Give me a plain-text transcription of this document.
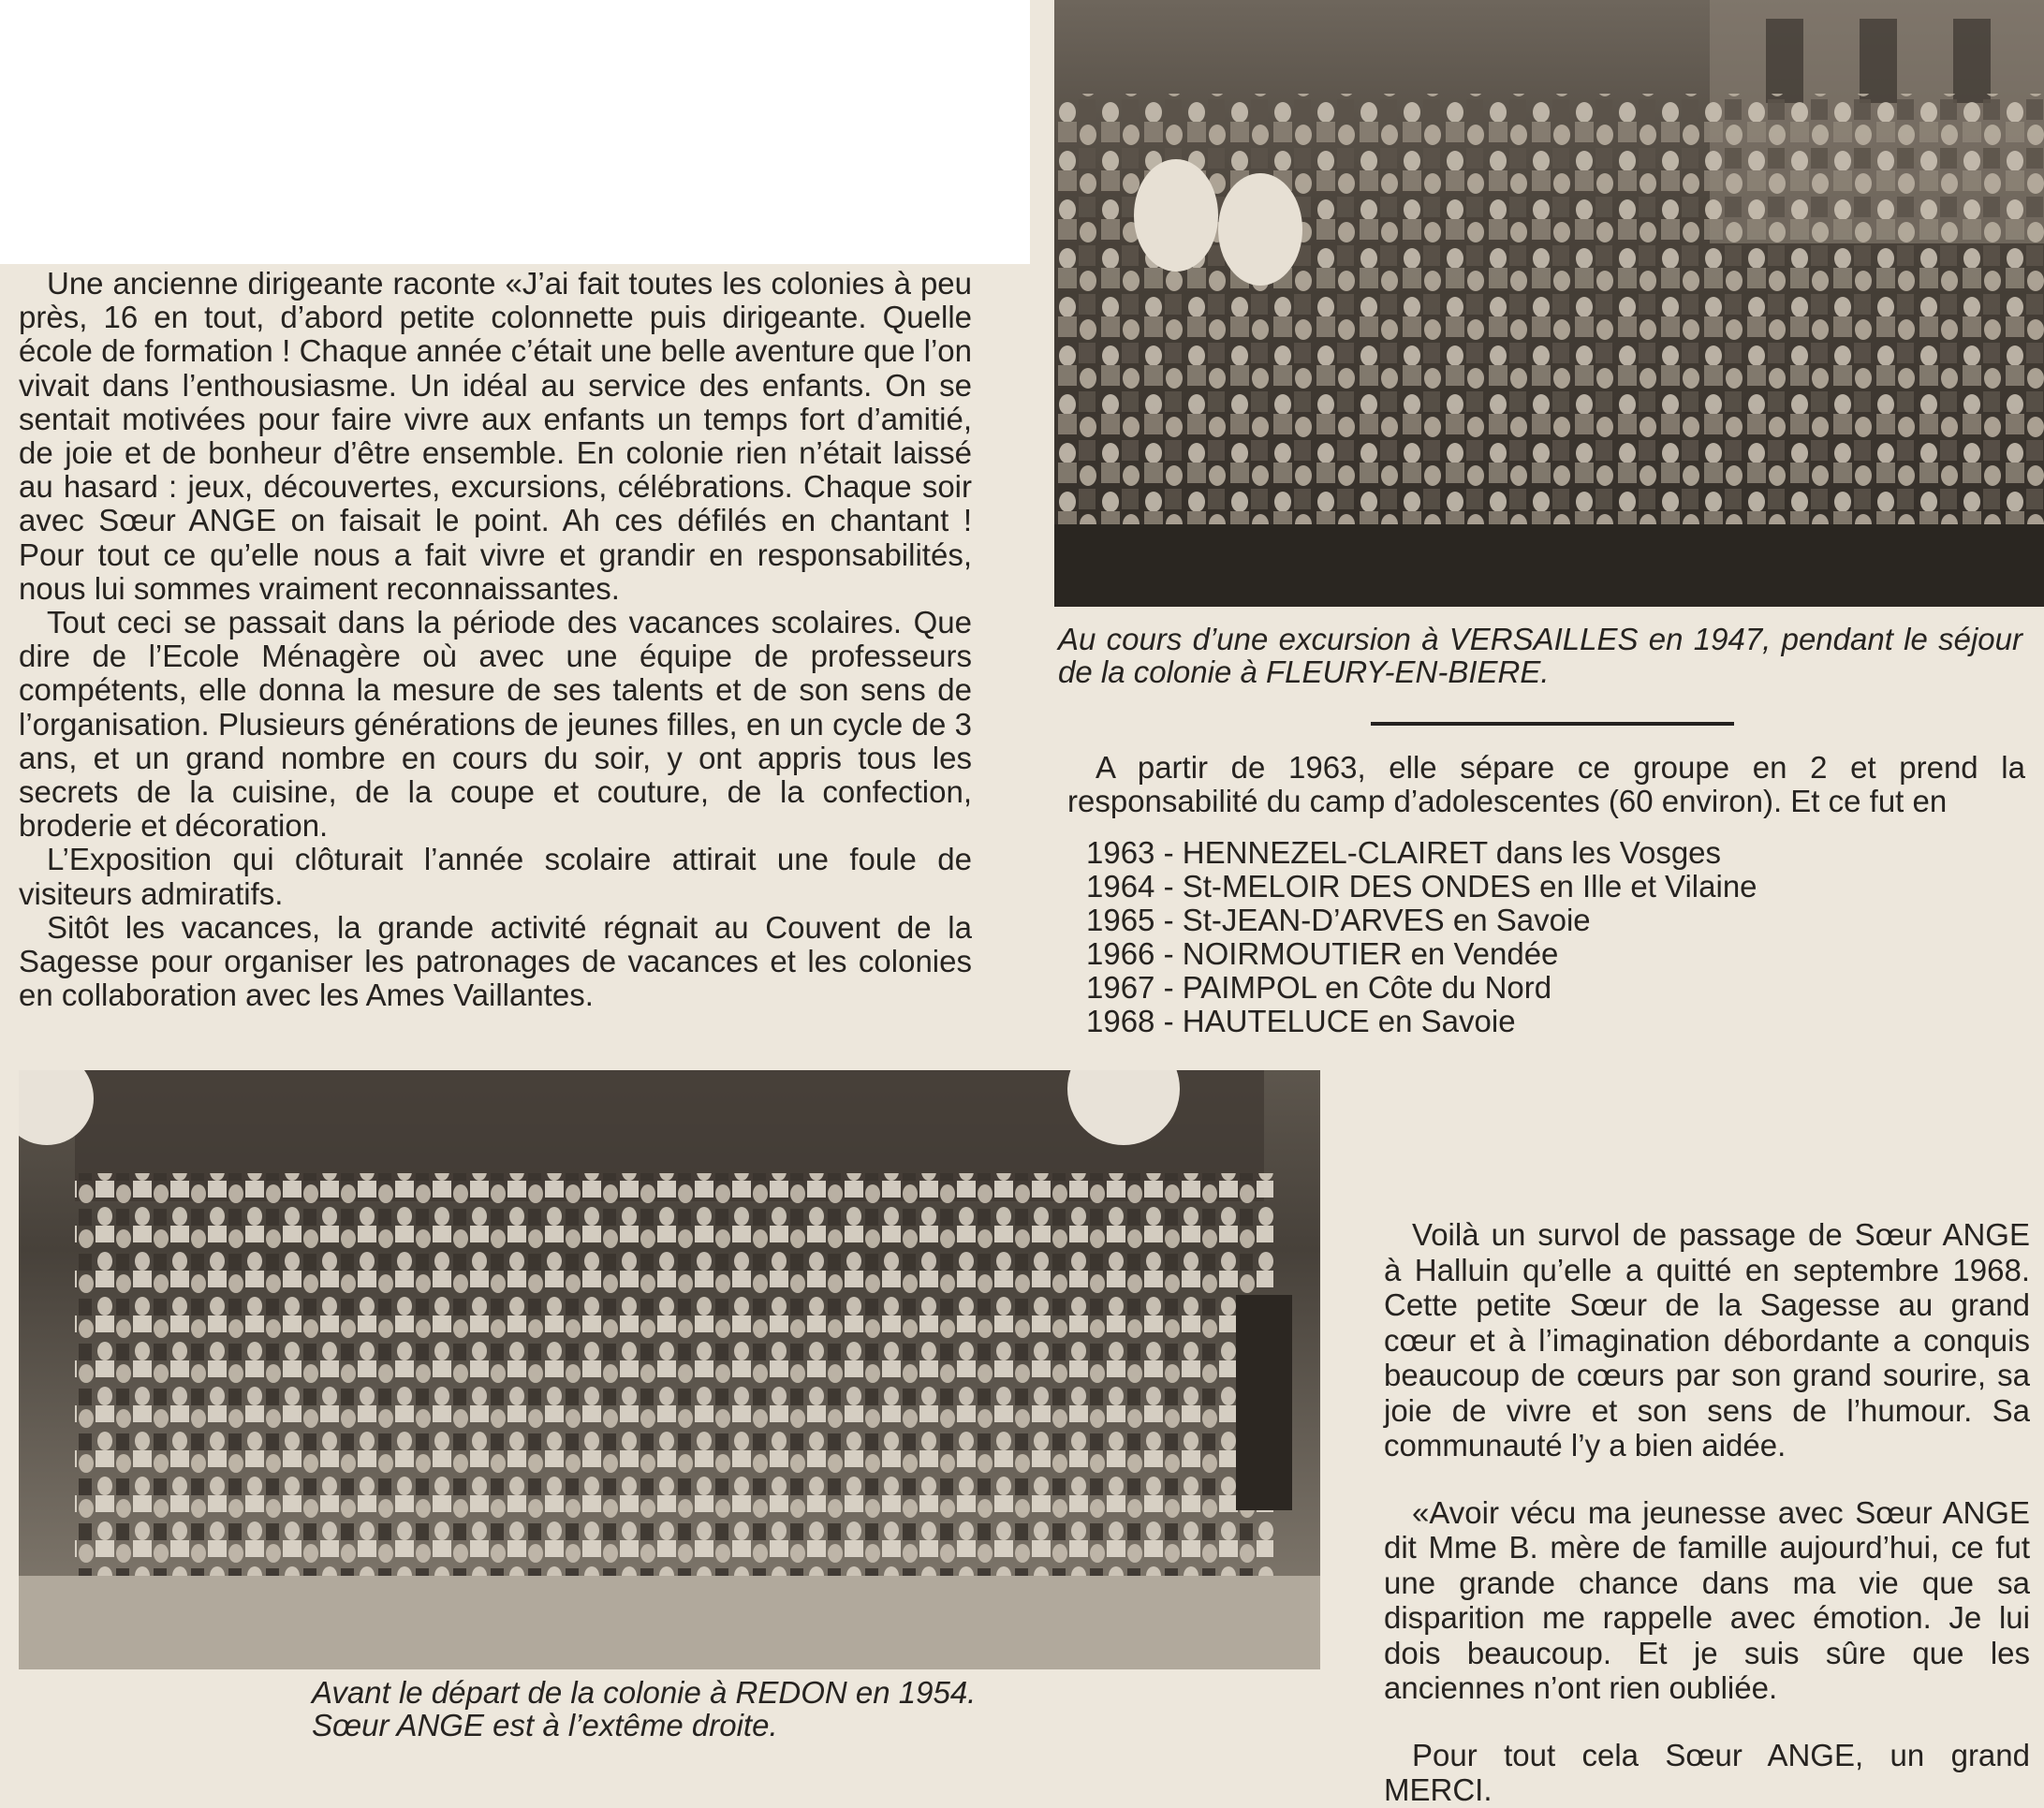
Au cours d’une excursion à VERSAILLES en 1947, pendant le séjour de la colonie à FLEURY-EN-BIERE.

Une ancienne dirigeante raconte «J’ai fait toutes les colonies à peu près, 16 en tout, d’abord petite colonnette puis dirigeante. Quelle école de formation ! Chaque année c’était une belle aventure que l’on vivait dans l’enthousiasme. Un idéal au service des enfants. On se sentait motivées pour faire vivre aux enfants un temps fort d’amitié, de joie et de bonheur d’être ensemble. En colonie rien n’était laissé au hasard : jeux, découvertes, excursions, célébrations. Chaque soir avec Sœur ANGE on faisait le point. Ah ces défilés en chantant ! Pour tout ce qu’elle nous a fait vivre et grandir en responsabilités, nous lui sommes vraiment reconnaissantes.

Tout ceci se passait dans la période des vacances scolaires. Que dire de l’Ecole Ménagère où avec une équipe de professeurs compétents, elle donna la mesure de ses talents et de son sens de l’organisation. Plusieurs générations de jeunes filles, en un cycle de 3 ans, et un grand nombre en cours du soir, y ont appris tous les secrets de la cuisine, de la coupe et couture, de la confection, broderie et décoration.

L’Exposition qui clôturait l’année scolaire attirait une foule de visiteurs admiratifs.

Sitôt les vacances, la grande activité régnait au Couvent de la Sagesse pour organiser les patronages de vacances et les colonies en collaboration avec les Ames Vaillantes.

A partir de 1963, elle sépare ce groupe en 2 et prend la responsabilité du camp d’adolescentes (60 environ). Et ce fut en

1963 - HENNEZEL-CLAIRET dans les Vosges
1964 - St-MELOIR DES ONDES en Ille et Vilaine
1965 - St-JEAN-D’ARVES en Savoie
1966 - NOIRMOUTIER en Vendée
1967 - PAIMPOL en Côte du Nord
1968 - HAUTELUCE en Savoie
Avant le départ de la colonie à REDON en 1954.
Sœur ANGE est à l’extême droite.

Voilà un survol de passage de Sœur ANGE à Halluin qu’elle a quitté en septembre 1968. Cette petite Sœur de la Sagesse au grand cœur et à l’imagination débordante a conquis beaucoup de cœurs par son grand sourire, sa joie de vivre et son sens de l’humour. Sa communauté l’y a bien aidée.

«Avoir vécu ma jeunesse avec Sœur ANGE dit Mme B. mère de famille aujourd’hui, ce fut une grande chance dans ma vie que sa disparition me rappelle avec émotion. Je lui dois beaucoup. Et je suis sûre que les anciennes n’ont rien oubliée.

Pour tout cela Sœur ANGE, un grand MERCI.
